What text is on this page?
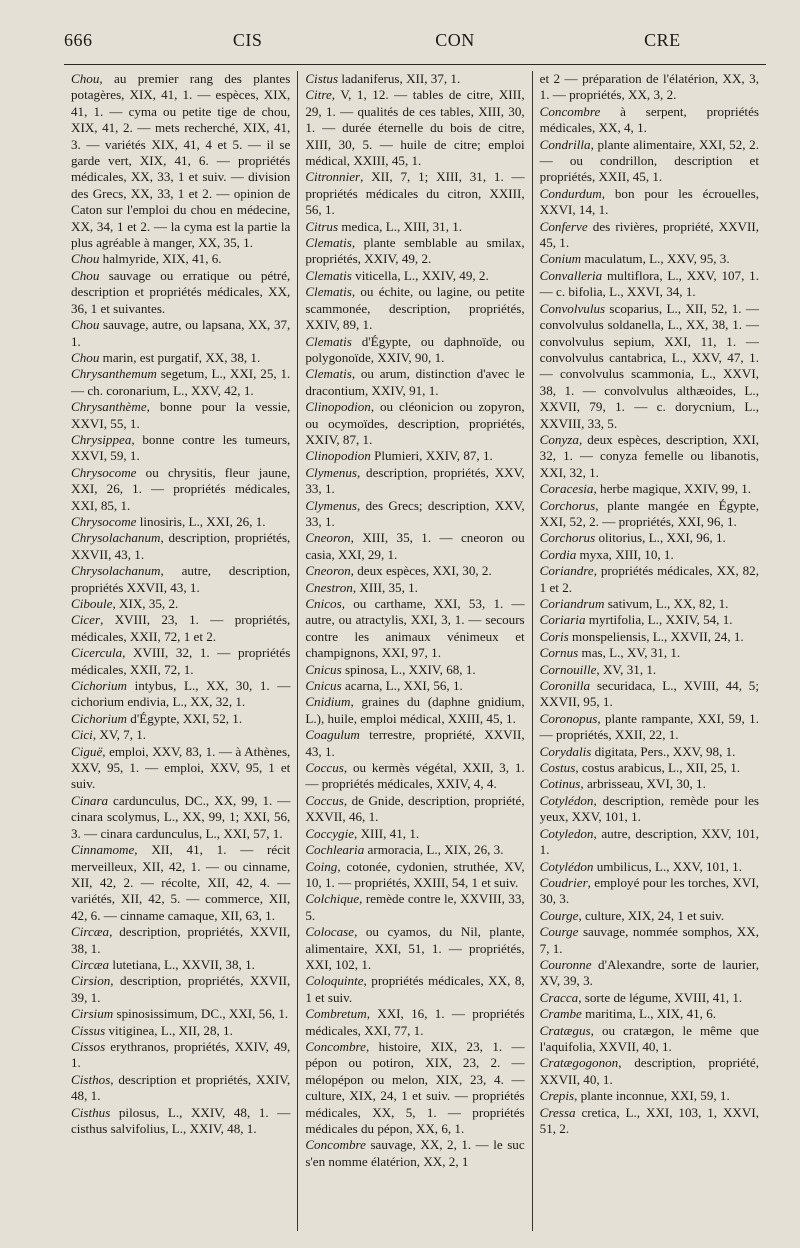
666	CIS	CON	CRE

Chou, au premier rang des plantes potagères, XIX, 41, 1. — espèces, XIX, 41, 1. — cyma ou petite tige de chou, XIX, 41, 2. — mets recherché, XIX, 41, 3. — variétés XIX, 41, 4 et 5. — il se garde vert, XIX, 41, 6. — propriétés médicales, XX, 33, 1 et suiv. — division des Grecs, XX, 33, 1 et 2. — opinion de Caton sur l'emploi du chou en médecine, XX, 34, 1 et 2. — la cyma est la partie la plus agréable à manger, XX, 35, 1.

Chou halmyride, XIX, 41, 6.

Chou sauvage ou erratique ou pétré, description et propriétés médicales, XX, 36, 1 et suivantes.

Chou sauvage, autre, ou lapsana, XX, 37, 1.

Chou marin, est purgatif, XX, 38, 1.

Chrysanthemum segetum, L., XXI, 25, 1. — ch. coronarium, L., XXV, 42, 1.

Chrysanthème, bonne pour la vessie, XXVI, 55, 1.

Chrysippea, bonne contre les tumeurs, XXVI, 59, 1.

Chrysocome ou chrysitis, fleur jaune, XXI, 26, 1. — propriétés médicales, XXI, 85, 1.

Chrysocome linosiris, L., XXI, 26, 1.

Chrysolachanum, description, propriétés, XXVII, 43, 1.

Chrysolachanum, autre, description, propriétés XXVII, 43, 1.

Ciboule, XIX, 35, 2.

Cicer, XVIII, 23, 1. — propriétés, médicales, XXII, 72, 1 et 2.

Cicercula, XVIII, 32, 1. — propriétés médicales, XXII, 72, 1.

Cichorium intybus, L., XX, 30, 1. — cichorium endivia, L., XX, 32, 1.

Cichorium d'Égypte, XXI, 52, 1.

Cici, XV, 7, 1.

Ciguë, emploi, XXV, 83, 1. — à Athènes, XXV, 95, 1. — emploi, XXV, 95, 1 et suiv.

Cinara cardunculus, DC., XX, 99, 1. — cinara scolymus, L., XX, 99, 1; XXI, 56, 3. — cinara cardunculus, L., XXI, 57, 1.

Cinnamome, XII, 41, 1. — récit merveilleux, XII, 42, 1. — ou cinname, XII, 42, 2. — récolte, XII, 42, 4. — variétés, XII, 42, 5. — commerce, XII, 42, 6. — cinname camaque, XII, 63, 1.

Circæa, description, propriétés, XXVII, 38, 1.

Circæa lutetiana, L., XXVII, 38, 1.

Cirsion, description, propriétés, XXVII, 39, 1.

Cirsium spinosissimum, DC., XXI, 56, 1.

Cissus vitiginea, L., XII, 28, 1.

Cissos erythranos, propriétés, XXIV, 49, 1.

Cisthos, description et propriétés, XXIV, 48, 1.

Cisthus pilosus, L., XXIV, 48, 1. — cisthus salvifolius, L., XXIV, 48, 1.

Cistus ladaniferus, XII, 37, 1.

Citre, V, 1, 12. — tables de citre, XIII, 29, 1. — qualités de ces tables, XIII, 30, 1. — durée éternelle du bois de citre, XIII, 30, 5. — huile de citre; emploi médical, XXIII, 45, 1.

Citronnier, XII, 7, 1; XIII, 31, 1. — propriétés médicales du citron, XXIII, 56, 1.

Citrus medica, L., XIII, 31, 1.

Clematis, plante semblable au smilax, propriétés, XXIV, 49, 2.

Clematis viticella, L., XXIV, 49, 2.

Clematis, ou échite, ou lagine, ou petite scammonée, description, propriétés, XXIV, 89, 1.

Clematis d'Égypte, ou daphnoïde, ou polygonoïde, XXIV, 90, 1.

Clematis, ou arum, distinction d'avec le dracontium, XXIV, 91, 1.

Clinopodion, ou cléonicion ou zopyron, ou ocymoïdes, description, propriétés, XXIV, 87, 1.

Clinopodion Plumieri, XXIV, 87, 1.

Clymenus, description, propriétés, XXV, 33, 1.

Clymenus, des Grecs; description, XXV, 33, 1.

Cneoron, XIII, 35, 1. — cneoron ou casia, XXI, 29, 1.

Cneoron, deux espèces, XXI, 30, 2.

Cnestron, XIII, 35, 1.

Cnicos, ou carthame, XXI, 53, 1. — autre, ou atractylis, XXI, 3, 1. — secours contre les animaux vénimeux et champignons, XXI, 97, 1.

Cnicus spinosa, L., XXIV, 68, 1.

Cnicus acarna, L., XXI, 56, 1.

Cnidium, graines du (daphne gnidium, L.), huile, emploi médical, XXIII, 45, 1.

Coagulum terrestre, propriété, XXVII, 43, 1.

Coccus, ou kermès végétal, XXII, 3, 1. — propriétés médicales, XXIV, 4, 4.

Coccus, de Gnide, description, propriété, XXVII, 46, 1.

Coccygie, XIII, 41, 1.

Cochlearia armoracia, L., XIX, 26, 3.

Coing, cotonée, cydonien, struthée, XV, 10, 1. — propriétés, XXIII, 54, 1 et suiv.

Colchique, remède contre le, XXVIII, 33, 5.

Colocase, ou cyamos, du Nil, plante, alimentaire, XXI, 51, 1. — propriétés, XXI, 102, 1.

Coloquinte, propriétés médicales, XX, 8, 1 et suiv.

Combretum, XXI, 16, 1. — propriétés médicales, XXI, 77, 1.

Concombre, histoire, XIX, 23, 1. — pépon ou potiron, XIX, 23, 2. — mélopépon ou melon, XIX, 23, 4. — culture, XIX, 24, 1 et suiv. — propriétés médicales, XX, 5, 1. — propriétés médicales du pépon, XX, 6, 1.

Concombre sauvage, XX, 2, 1. — le suc s'en nomme élatérion, XX, 2, 1

et 2 — préparation de l'élatérion, XX, 3, 1. — propriétés, XX, 3, 2.

Concombre à serpent, propriétés médicales, XX, 4, 1.

Condrilla, plante alimentaire, XXI, 52, 2. — ou condrillon, description et propriétés, XXII, 45, 1.

Condurdum, bon pour les écrouelles, XXVI, 14, 1.

Conferve des rivières, propriété, XXVII, 45, 1.

Conium maculatum, L., XXV, 95, 3.

Convalleria multiflora, L., XXV, 107, 1. — c. bifolia, L., XXVI, 34, 1.

Convolvulus scoparius, L., XII, 52, 1. — convolvulus soldanella, L., XX, 38, 1. — convolvulus sepium, XXI, 11, 1. — convolvulus cantabrica, L., XXV, 47, 1. — convolvulus scammonia, L., XXVI, 38, 1. — convolvulus althæoides, L., XXVII, 79, 1. — c. dorycnium, L., XXVIII, 33, 5.

Conyza, deux espèces, description, XXI, 32, 1. — conyza femelle ou libanotis, XXI, 32, 1.

Coracesia, herbe magique, XXIV, 99, 1.

Corchorus, plante mangée en Égypte, XXI, 52, 2. — propriétés, XXI, 96, 1.

Corchorus olitorius, L., XXI, 96, 1.

Cordia myxa, XIII, 10, 1.

Coriandre, propriétés médicales, XX, 82, 1 et 2.

Coriandrum sativum, L., XX, 82, 1.

Coriaria myrtifolia, L., XXIV, 54, 1.

Coris monspeliensis, L., XXVII, 24, 1.

Cornus mas, L., XV, 31, 1.

Cornouille, XV, 31, 1.

Coronilla securidaca, L., XVIII, 44, 5; XXVII, 95, 1.

Coronopus, plante rampante, XXI, 59, 1. — propriétés, XXII, 22, 1.

Corydalis digitata, Pers., XXV, 98, 1.

Costus, costus arabicus, L., XII, 25, 1.

Cotinus, arbrisseau, XVI, 30, 1.

Cotylédon, description, remède pour les yeux, XXV, 101, 1.

Cotyledon, autre, description, XXV, 101, 1.

Cotylédon umbilicus, L., XXV, 101, 1.

Coudrier, employé pour les torches, XVI, 30, 3.

Courge, culture, XIX, 24, 1 et suiv.

Courge sauvage, nommée somphos, XX, 7, 1.

Couronne d'Alexandre, sorte de laurier, XV, 39, 3.

Cracca, sorte de légume, XVIII, 41, 1.

Crambe maritima, L., XIX, 41, 6.

Cratægus, ou cratægon, le même que l'aquifolia, XXVII, 40, 1.

Cratægogonon, description, propriété, XXVII, 40, 1.

Crepis, plante inconnue, XXI, 59, 1.

Cressa cretica, L., XXI, 103, 1, XXVI, 51, 2.
